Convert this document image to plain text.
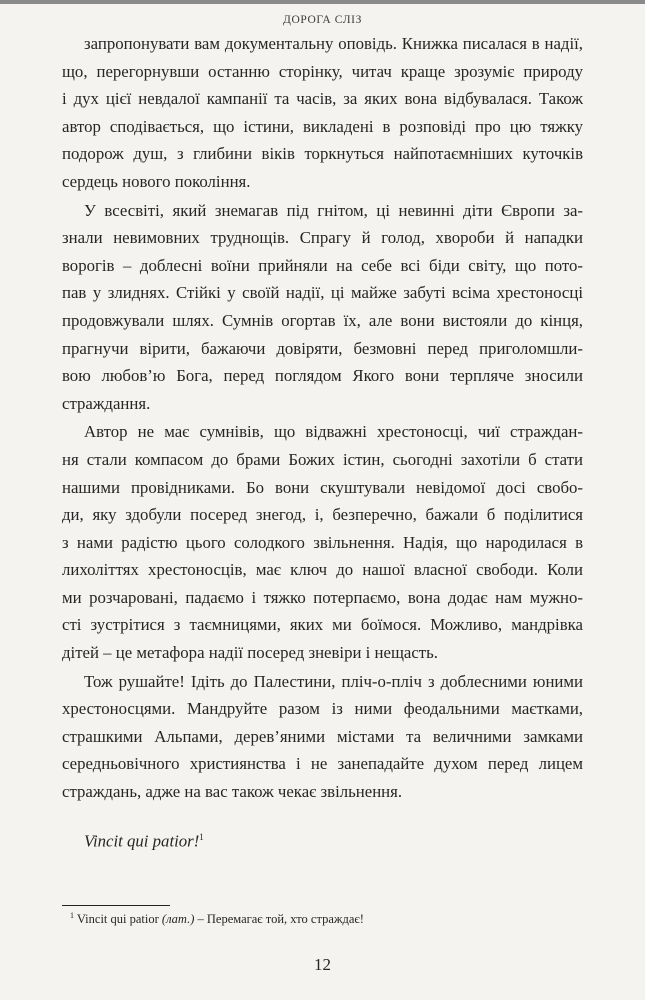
ДОРОГА СЛІЗ

запропонувати вам документальну оповідь. Книжка писалася в надії,
що, перегорнувши останню сторінку, читач краще зрозуміє природу
і дух цієї невдалої кампанії та часів, за яких вона відбувалася. Також
автор сподівається, що істини, викладені в розповіді про цю тяжку
подорож душ, з глибини віків торкнуться найпотаємніших куточків
сердець нового покоління.

У всесвіті, який знемагав під гнітом, ці невинні діти Європи за-
знали невимовних труднощів. Спрагу й голод, хвороби й нападки
ворогів – доблесні воїни прийняли на себе всі біди світу, що пото-
пав у злиднях. Стійкі у своїй надії, ці майже забуті всіма хрестоносці
продовжували шлях. Сумнів огортав їх, але вони вистояли до кінця,
прагнучи вірити, бажаючи довіряти, безмовні перед приголомшли-
вою любов’ю Бога, перед поглядом Якого вони терпляче зносили
страждання.

Автор не має сумнівів, що відважні хрестоносці, чиї страждан-
ня стали компасом до брами Божих істин, сьогодні захотіли б стати
нашими провідниками. Бо вони скуштували невідомої досі свобо-
ди, яку здобули посеред знегод, і, безперечно, бажали б поділитися
з нами радістю цього солодкого звільнення. Надія, що народилася в
лихоліттях хрестоносців, має ключ до нашої власної свободи. Коли
ми розчаровані, падаємо і тяжко потерпаємо, вона додає нам мужно-
сті зустрітися з таємницями, яких ми боїмося. Можливо, мандрівка
дітей – це метафора надії посеред зневіри і нещасть.

Тож рушайте! Ідіть до Палестини, пліч-о-пліч з доблесними юними
хрестоносцями. Мандруйте разом із ними феодальними маєтками,
страшкими Альпами, дерев’яними містами та величними замками
середньовічного християнства і не занепадайте духом перед лицем
страждань, адже на вас також чекає звільнення.

Vincit qui patior!$^1$
$^1$ Vincit qui patior (лат.) – Перемагає той, хто страждає!
12
